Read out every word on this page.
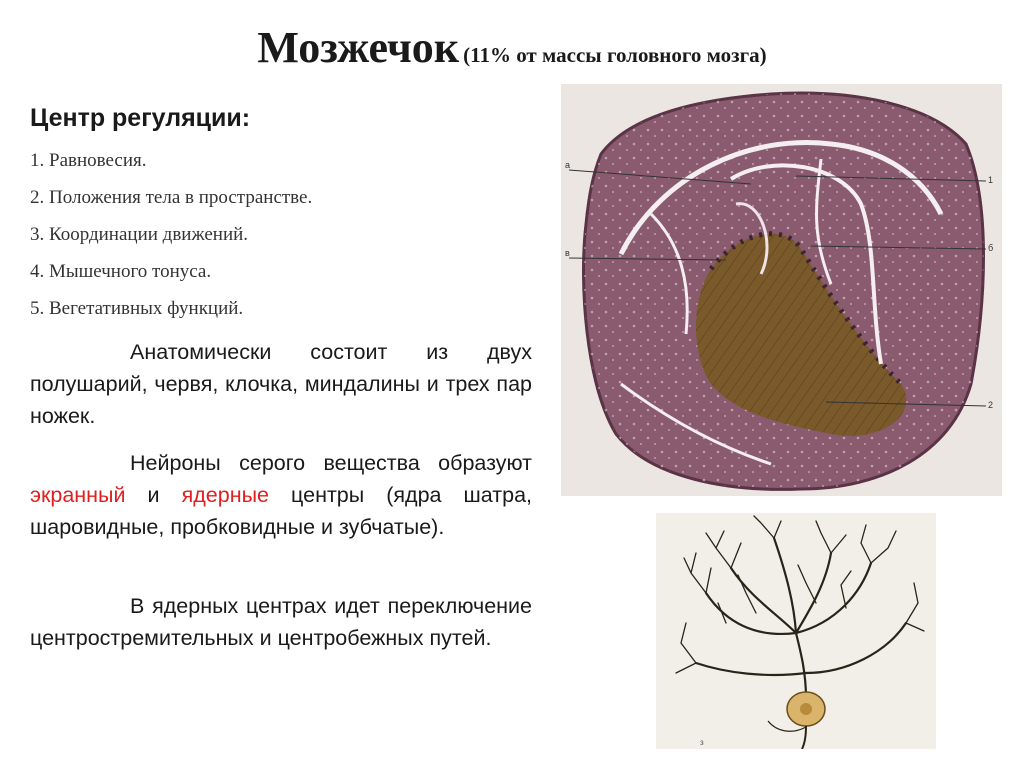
Мозжечок (11% от массы головного мозга)
Центр регуляции:
1. Равновесия.
2. Положения тела в пространстве.
3. Координации движений.
4. Мышечного тонуса.
5. Вегетативных функций.

Анатомически состоит из двух полушарий, червя, клочка, миндалины и трех пар ножек.

Нейроны серого вещества образуют экранный и ядерные центры (ядра шатра, шаровидные, пробковидные и зубчатые).

В ядерных центрах идет переключение центростремительных и центробежных путей.

а
в
1
б
2
з
